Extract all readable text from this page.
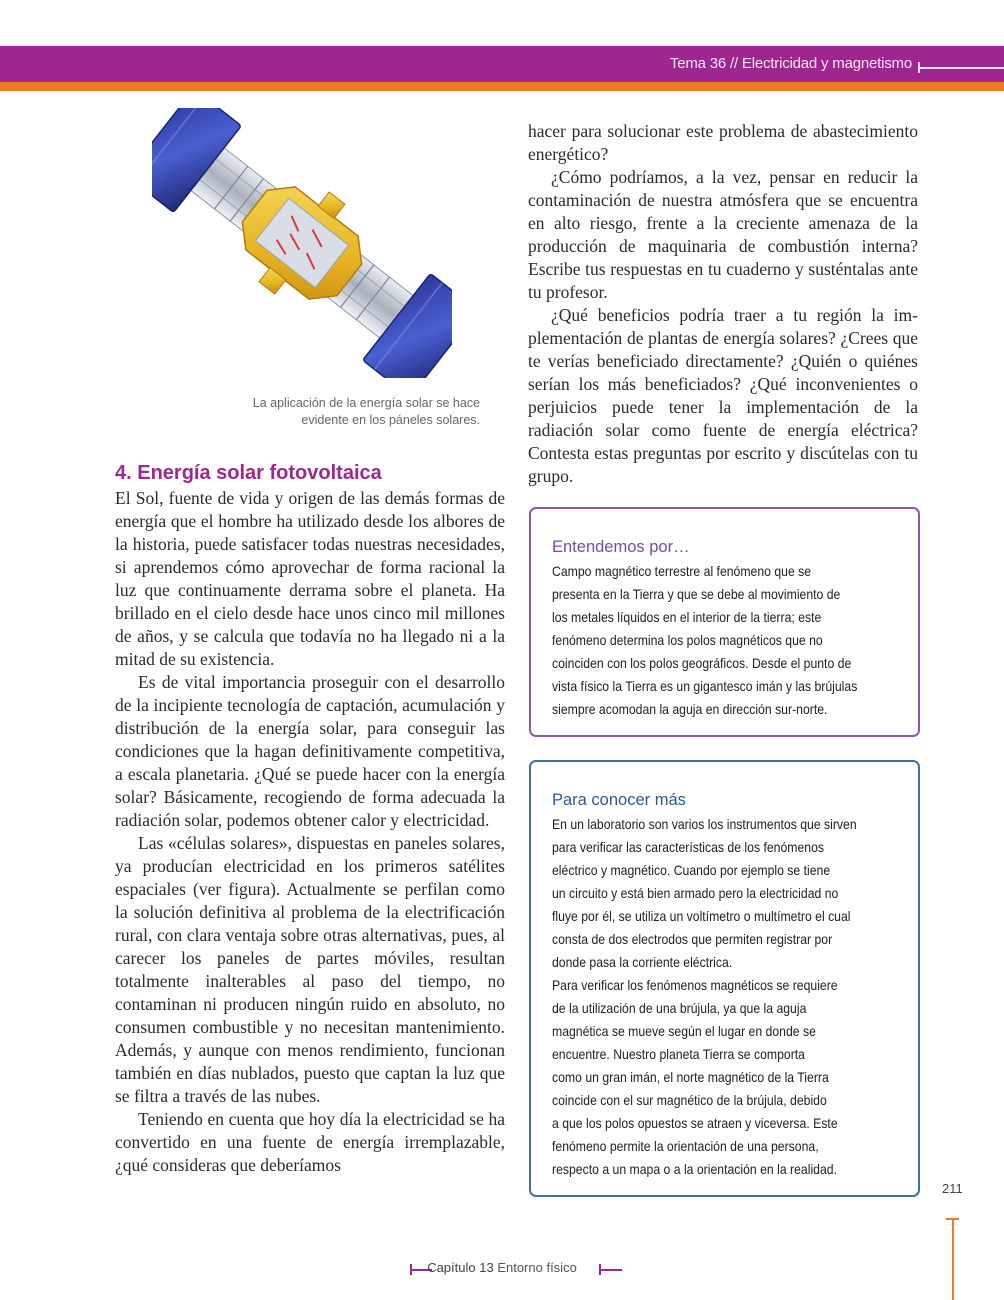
Tema 36 // Electricidad y magnetismo
La aplicación de la energía solar se hace
evidente en los páneles solares.
4. Energía solar fotovoltaica

El Sol, fuente de vida y origen de las demás formas de energía que el hombre ha utilizado desde los albores de la historia, puede satisfacer todas nuestras necesidades, si aprendemos cómo aprovechar de forma racional la luz que continuamente derrama sobre el planeta. Ha brillado en el cielo desde hace unos cinco mil millones de años, y se calcula que todavía no ha llegado ni a la mitad de su existencia.

Es de vital importancia proseguir con el desarrollo de la incipiente tecnología de captación, acumulación y distribución de la energía solar, para conseguir las condiciones que la hagan definitivamente competitiva, a escala planetaria. ¿Qué se puede hacer con la energía solar? Básicamente, recogiendo de forma adecuada la radiación solar, podemos obtener calor y electricidad.

Las «células solares», dispuestas en paneles solares, ya producían electricidad en los primeros satélites espaciales (ver figura). Actualmente se perfilan como la solución definitiva al problema de la electrificación rural, con clara ventaja sobre otras alternativas, pues, al carecer los paneles de partes móviles, resultan totalmente inalterables al paso del tiempo, no contaminan ni producen ningún ruido en absoluto, no consumen combustible y no necesitan mantenimiento. Además, y aunque con menos rendimiento, funcionan también en días nublados, puesto que captan la luz que se filtra a través de las nubes.

Teniendo en cuenta que hoy día la electricidad se ha convertido en una fuente de energía irremplazable, ¿qué consideras que deberíamos

hacer para solucionar este problema de abastecimiento energético?

¿Cómo podríamos, a la vez, pensar en reducir la contaminación de nuestra atmósfera que se encuentra en alto riesgo, frente a la creciente amenaza de la producción de maquinaria de combustión interna? Escribe tus respuestas en tu cuaderno y susténtalas ante tu profesor.

¿Qué beneficios podría traer a tu región la implementación de plantas de energía solares? ¿Crees que te verías beneficiado directamente? ¿Quién o quiénes serían los más beneficiados? ¿Qué inconvenientes o perjuicios puede tener la implementación de la radiación solar como fuente de energía eléctrica? Contesta estas preguntas por escrito y discútelas con tu grupo.

Entendemos por…
Campo magnético terrestre al fenómeno que se
presenta en la Tierra y que se debe al movimiento de
los metales líquidos en el interior de la tierra; este
fenómeno determina los polos magnéticos que no
coinciden con los polos geográficos. Desde el punto de
vista físico la Tierra es un gigantesco imán y las brújulas
siempre acomodan la aguja en dirección sur-norte.
Para conocer más
En un laboratorio son varios los instrumentos que sirven
para verificar las características de los fenómenos
eléctrico y magnético. Cuando por ejemplo se tiene
un circuito y está bien armado pero la electricidad no
fluye por él, se utiliza un voltímetro o multímetro el cual
consta de dos electrodos que permiten registrar por
donde pasa la corriente eléctrica.
Para verificar los fenómenos magnéticos se requiere
de la utilización de una brújula, ya que la aguja
magnética se mueve según el lugar en donde se
encuentre. Nuestro planeta Tierra se comporta
como un gran imán, el norte magnético de la Tierra
coincide con el sur magnético de la brújula, debido
a que los polos opuestos se atraen y viceversa. Este
fenómeno permite la orientación de una persona,
respecto a un mapa o a la orientación en la realidad.
211
Capítulo 13 Entorno físico
